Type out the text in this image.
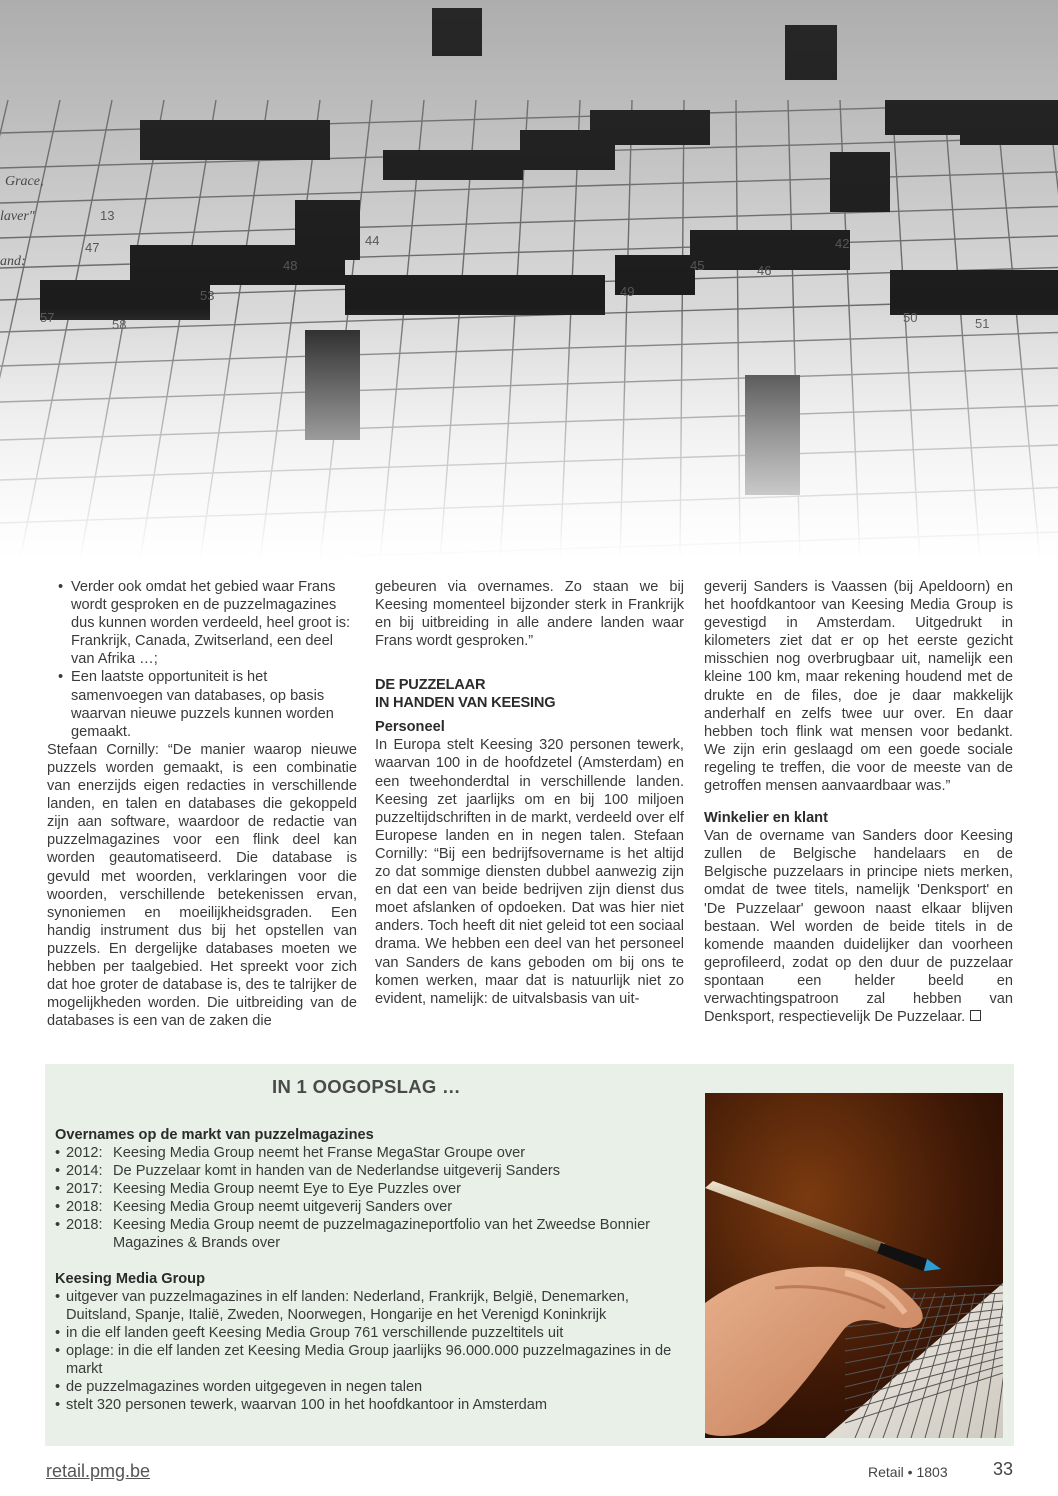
• Verder ook omdat het gebied waar Frans wordt gesproken en de puzzelmagazines dus kunnen worden verdeeld, heel groot is: Frankrijk, Canada, Zwitserland, een deel van Afrika …;
• Een laatste opportuniteit is het samenvoegen van databases, op basis waarvan nieuwe puzzels kunnen worden gemaakt.

Stefaan Cornilly: “De manier waarop nieuwe puzzels worden gemaakt, is een combinatie van enerzijds eigen redacties in verschillende landen, en talen en databases die gekoppeld zijn aan software, waardoor de redactie van puzzelmagazines voor een flink deel kan worden geautomatiseerd. Die database is gevuld met woorden, verklaringen voor die woorden, verschillende betekenissen ervan, synoniemen en moeilijkheidsgraden. Een handig instrument dus bij het opstellen van puzzels. En dergelijke databases moeten we hebben per taalgebied. Het spreekt voor zich dat hoe groter de database is, des te talrijker de mogelijkheden worden. Die uitbreiding van de databases is een van de zaken die

gebeuren via overnames. Zo staan we bij Keesing momenteel bijzonder sterk in Frankrijk en bij uitbreiding in alle andere landen waar Frans wordt gesproken.”

DE PUZZELAAR
IN HANDEN VAN KEESING
Personeel

In Europa stelt Keesing 320 personen tewerk, waarvan 100 in de hoofdzetel (Amsterdam) en een tweehonderdtal in verschillende landen. Keesing zet jaarlijks om en bij 100 miljoen puzzeltijdschriften in de markt, verdeeld over elf Europese landen en in negen talen. Stefaan Cornilly: “Bij een bedrijfsovername is het altijd zo dat sommige diensten dubbel aanwezig zijn en dat een van beide bedrijven zijn dienst dus moet afslanken of opdoeken. Dat was hier niet anders. Toch heeft dit niet geleid tot een sociaal drama. We hebben een deel van het personeel van Sanders de kans geboden om bij ons te komen werken, maar dat is natuurlijk niet zo evident, namelijk: de uitvalsbasis van uit-

geverij Sanders is Vaassen (bij Apeldoorn) en het hoofdkantoor van Keesing Media Group is gevestigd in Amsterdam. Uitgedrukt in kilometers ziet dat er op het eerste gezicht misschien nog overbrugbaar uit, namelijk een kleine 100 km, maar rekening houdend met de drukte en de files, doe je daar makkelijk anderhalf en zelfs twee uur over. En daar hebben toch flink wat mensen voor bedankt. We zijn erin geslaagd om een goede sociale regeling te treffen, die voor de meeste van de getroffen mensen aanvaardbaar was.”

Winkelier en klant

Van de overname van Sanders door Keesing zullen de Belgische handelaars en de Belgische puzzelaars in principe niets merken, omdat de twee titels, namelijk 'Denksport' en 'De Puzzelaar' gewoon naast elkaar blijven bestaan. Wel worden de beide titels in de komende maanden duidelijker dan voorheen geprofileerd, zodat op den duur de puzzelaar spontaan een helder beeld en verwachtingspatroon zal hebben van Denksport, respectievelijk De Puzzelaar.

IN 1 OOGOPSLAG …
Overnames op de markt van puzzelmagazines
• 2012: Keesing Media Group neemt het Franse MegaStar Groupe over
• 2014: De Puzzelaar komt in handen van de Nederlandse uitgeverij Sanders
• 2017: Keesing Media Group neemt Eye to Eye Puzzles over
• 2018: Keesing Media Group neemt uitgeverij Sanders over
• 2018: Keesing Media Group neemt de puzzelmagazineportfolio van het Zweedse Bonnier Magazines & Brands over
Keesing Media Group
• uitgever van puzzelmagazines in elf landen: Nederland, Frankrijk, België, Denemarken, Duitsland, Spanje, Italië, Zweden, Noorwegen, Hongarije en het Verenigd Koninkrijk
• in die elf landen geeft Keesing Media Group 761 verschillende puzzeltitels uit
• oplage: in die elf landen zet Keesing Media Group jaarlijks 96.000.000 puzzelmagazines in de markt
• de puzzelmagazines worden uitgegeven in negen talen
• stelt 320 personen tewerk, waarvan 100 in het hoofdkantoor in Amsterdam
retail.pmg.be	Retail • 1803	33
